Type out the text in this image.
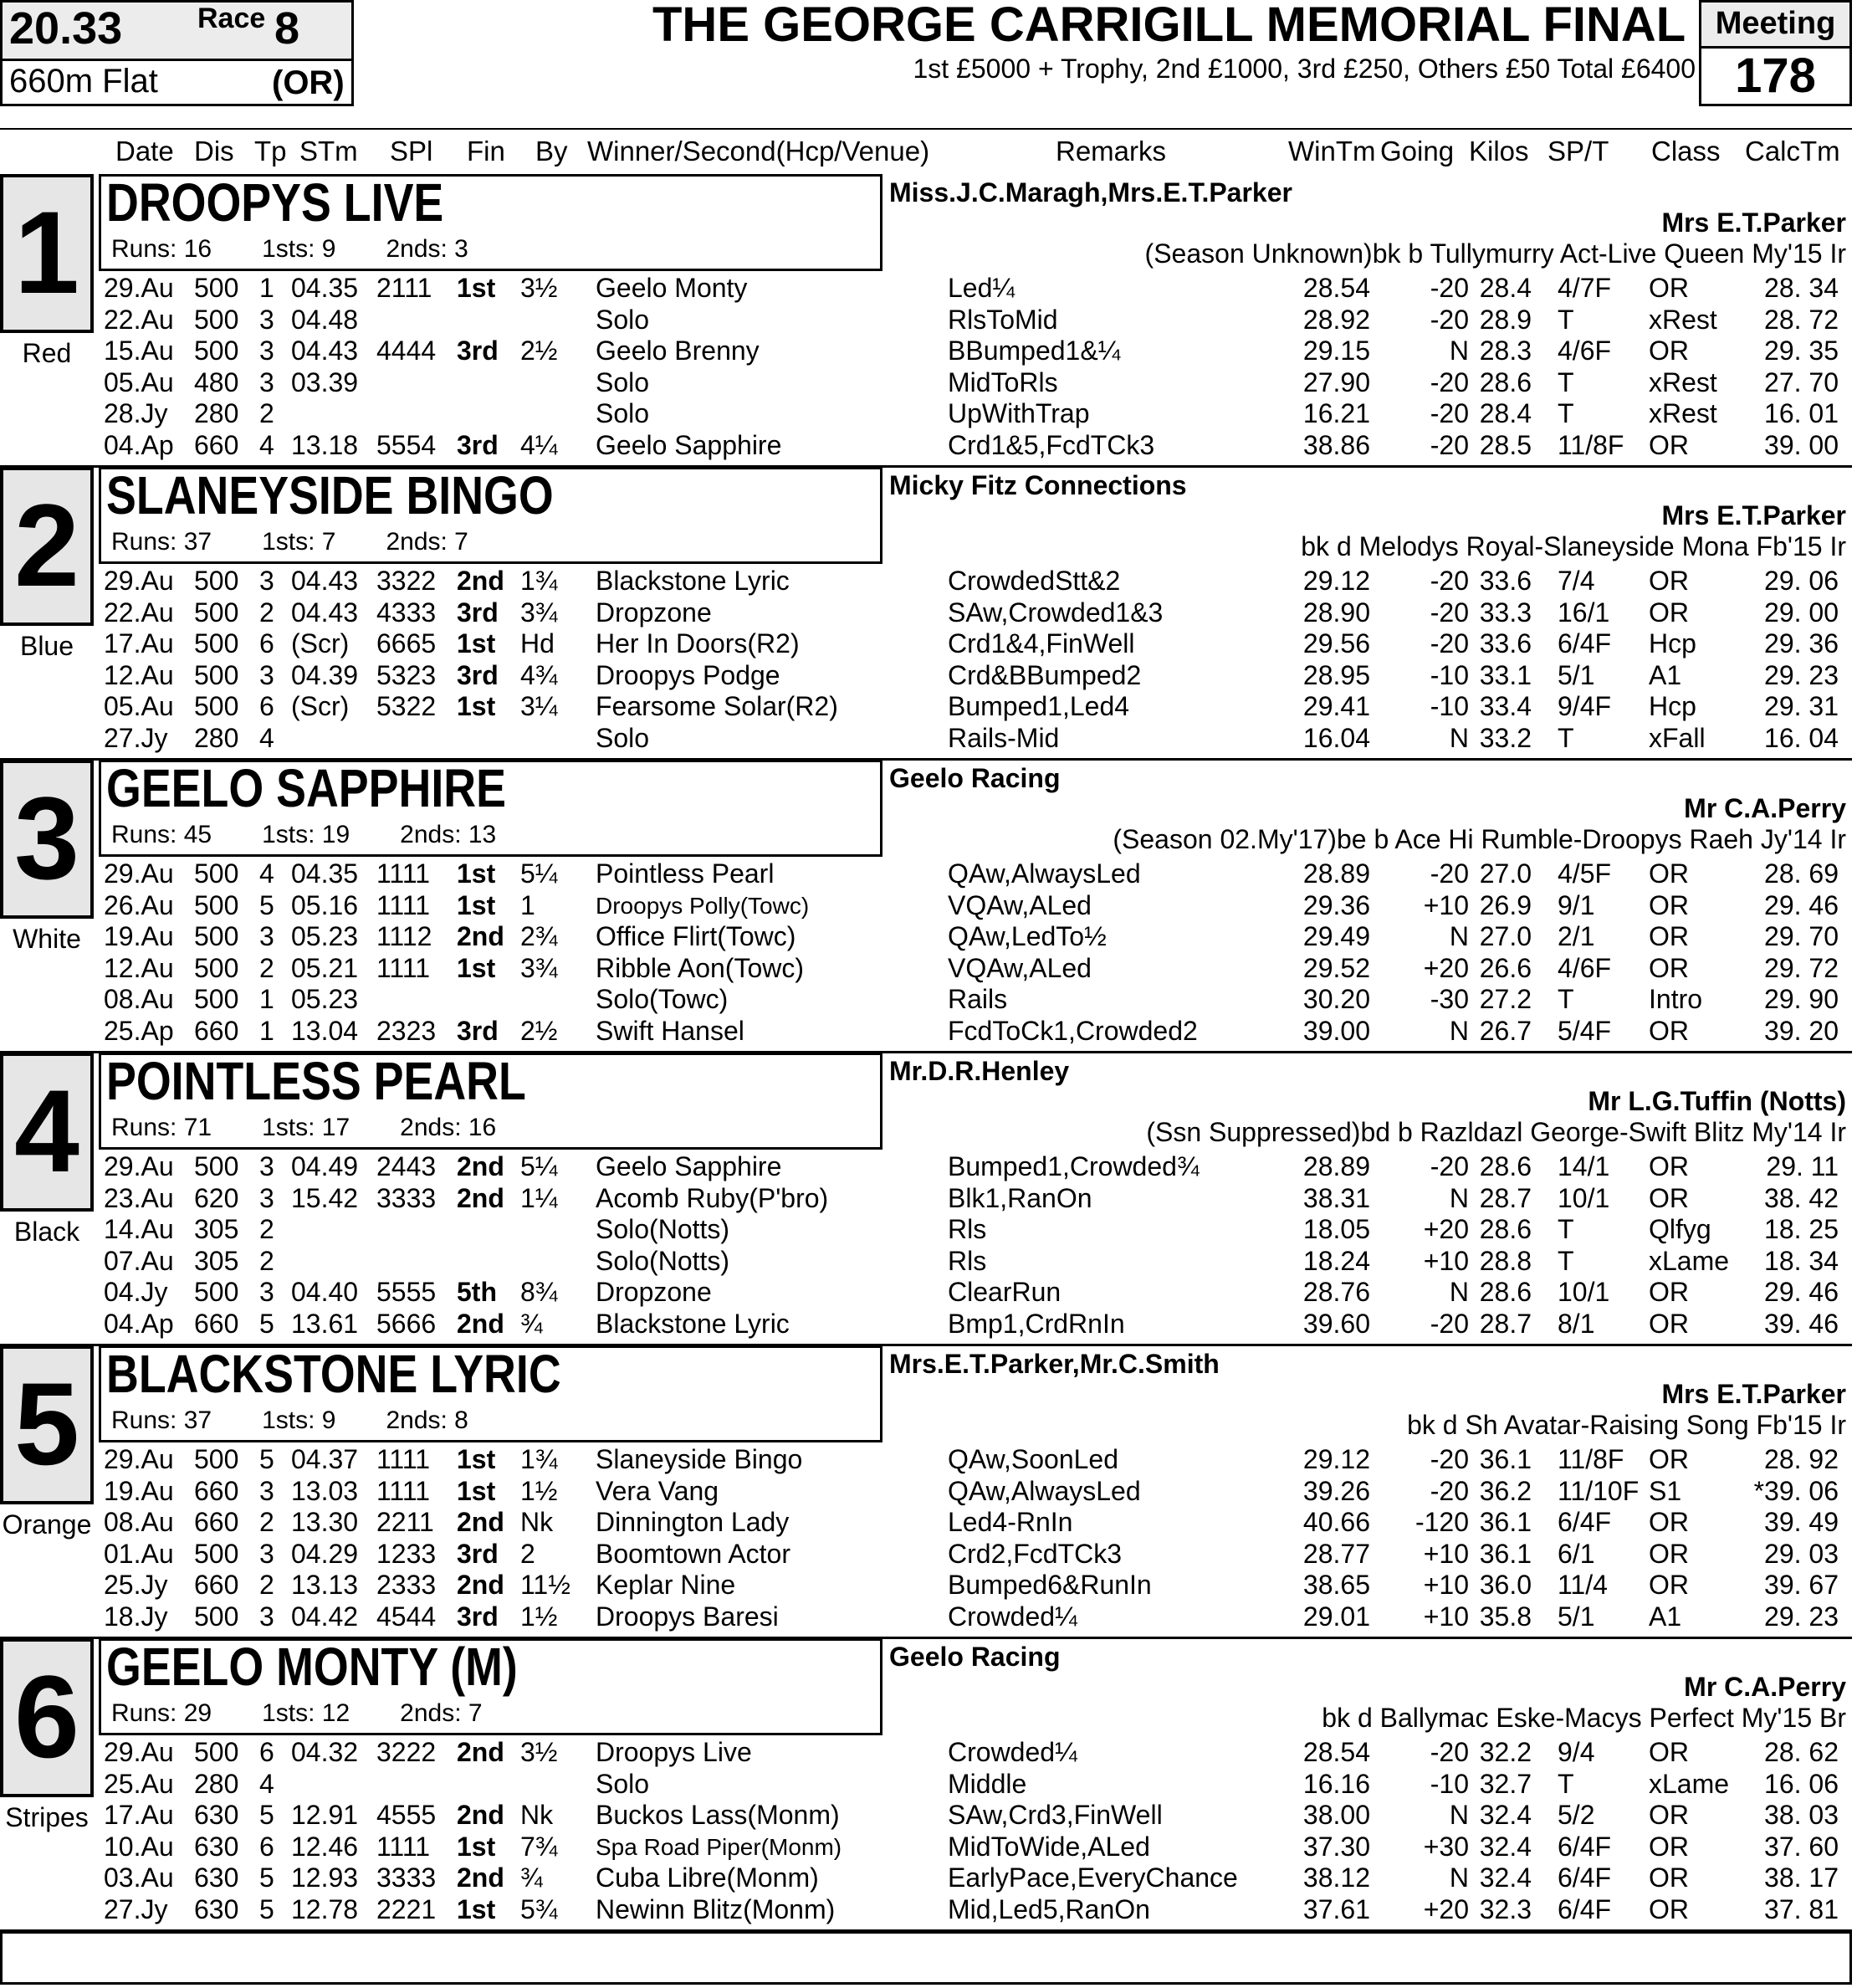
20.33	Race 8
660m Flat	(OR)
THE GEORGE CARRIGILL MEMORIAL FINAL
1st £5000 + Trophy, 2nd £1000, 3rd £250, Others £50 Total £6400
Meeting
178
Date Dis Tp STm SPl Fin By Winner/Second(Hcp/Venue)	Remarks	WinTm Going Kilos SP/T Class CalcTm
1
Red
DROOPYS LIVE
Runs: 16 1sts: 9 2nds: 3
Miss.J.C.Maragh,Mrs.E.T.Parker
Mrs E.T.Parker
(Season Unknown)bk b Tullymurry Act-Live Queen My'15 Ir
29.Au 500 1 04.35 2111 1st 3½ Geelo Monty	Led¼	28.54 -20 28.4 4/7F OR	28. 34
22.Au 500 3 04.48	Solo	RlsToMid	28.92 -20 28.9 T	xRest 28. 72
15.Au 500 3 04.43 4444 3rd 2½ Geelo Brenny	BBumped1&¼	29.15	N 28.3 4/6F OR	29. 35
05.Au 480 3 03.39	Solo	MidToRls	27.90 -20 28.6 T	xRest 27. 70
28.Jy 280 2	Solo	UpWithTrap	16.21 -20 28.4 T	xRest 16. 01
04.Ap 660 4 13.18 5554 3rd 4¼ Geelo Sapphire	Crd1&5,FcdTCk3	38.86 -20 28.5 11/8F OR	39. 00
2
Blue
SLANEYSIDE BINGO
Runs: 37 1sts: 7 2nds: 7
Micky Fitz Connections
Mrs E.T.Parker
bk d Melodys Royal-Slaneyside Mona Fb'15 Ir
29.Au 500 3 04.43 3322 2nd 1¾ Blackstone Lyric	CrowdedStt&2	29.12 -20 33.6 7/4 OR	29. 06
22.Au 500 2 04.43 4333 3rd 3¾ Dropzone	SAw,Crowded1&3	28.90 -20 33.3 16/1 OR	29. 00
17.Au 500 6 (Scr) 6665 1st Hd Her In Doors(R2)	Crd1&4,FinWell	29.56 -20 33.6 6/4F Hcp	29. 36
12.Au 500 3 04.39 5323 3rd 4¾ Droopys Podge	Crd&BBumped2	28.95 -10 33.1 5/1 A1	29. 23
05.Au 500 6 (Scr) 5322 1st 3¼ Fearsome Solar(R2)	Bumped1,Led4	29.41 -10 33.4 9/4F Hcp	29. 31
27.Jy 280 4	Solo	Rails-Mid	16.04	N 33.2 T	xFall 16. 04
3
White
GEELO SAPPHIRE
Runs: 45 1sts: 19 2nds: 13
Geelo Racing
Mr C.A.Perry
(Season 02.My'17)be b Ace Hi Rumble-Droopys Raeh Jy'14 Ir
29.Au 500 4 04.35 1111 1st 5¼ Pointless Pearl	QAw,AlwaysLed	28.89 -20 27.0 4/5F OR	28. 69
26.Au 500 5 05.16 1111 1st 1	Droopys Polly(Towc)	VQAw,ALed	29.36 +10 26.9 9/1 OR	29. 46
19.Au 500 3 05.23 1112 2nd 2¾ Office Flirt(Towc)	QAw,LedTo½	29.49	N 27.0 2/1 OR	29. 70
12.Au 500 2 05.21 1111 1st 3¾ Ribble Aon(Towc)	VQAw,ALed	29.52 +20 26.6 4/6F OR	29. 72
08.Au 500 1 05.23	Solo(Towc)	Rails	30.20 -30 27.2 T	Intro 29. 90
25.Ap 660 1 13.04 2323 3rd 2½ Swift Hansel	FcdToCk1,Crowded2	39.00	N 26.7 5/4F OR	39. 20
4
Black
POINTLESS PEARL
Runs: 71 1sts: 17 2nds: 16
Mr.D.R.Henley
Mr L.G.Tuffin (Notts)
(Ssn Suppressed)bd b Razldazl George-Swift Blitz My'14 Ir
29.Au 500 3 04.49 2443 2nd 5¼ Geelo Sapphire	Bumped1,Crowded¾	28.89 -20 28.6 14/1 OR	29. 11
23.Au 620 3 15.42 3333 2nd 1¼ Acomb Ruby(P'bro)	Blk1,RanOn	38.31	N 28.7 10/1 OR	38. 42
14.Au 305 2	Solo(Notts)	Rls	18.05 +20 28.6 T	Qlfyg 18. 25
07.Au 305 2	Solo(Notts)	Rls	18.24 +10 28.8 T	xLame 18. 34
04.Jy 500 3 04.40 5555 5th 8¾ Dropzone	ClearRun	28.76	N 28.6 10/1 OR	29. 46
04.Ap 660 5 13.61 5666 2nd ¾ Blackstone Lyric	Bmp1,CrdRnIn	39.60 -20 28.7 8/1 OR	39. 46
5
Orange
BLACKSTONE LYRIC
Runs: 37 1sts: 9 2nds: 8
Mrs.E.T.Parker,Mr.C.Smith
Mrs E.T.Parker
bk d Sh Avatar-Raising Song Fb'15 Ir
29.Au 500 5 04.37 1111 1st 1¾ Slaneyside Bingo	QAw,SoonLed	29.12 -20 36.1 11/8F OR	28. 92
19.Au 660 3 13.03 1111 1st 1½ Vera Vang	QAw,AlwaysLed	39.26 -20 36.2 11/10F S1	*39. 06
08.Au 660 2 13.30 2211 2nd Nk Dinnington Lady	Led4-RnIn	40.66 -120 36.1 6/4F OR	39. 49
01.Au 500 3 04.29 1233 3rd 2 Boomtown Actor	Crd2,FcdTCk3	28.77 +10 36.1 6/1 OR	29. 03
25.Jy 660 2 13.13 2333 2nd 11½ Keplar Nine	Bumped6&RunIn	38.65 +10 36.0 11/4 OR	39. 67
18.Jy 500 3 04.42 4544 3rd 1½ Droopys Baresi	Crowded¼	29.01 +10 35.8 5/1 A1	29. 23
6
Stripes
GEELO MONTY (M)
Runs: 29 1sts: 12 2nds: 7
Geelo Racing
Mr C.A.Perry
bk d Ballymac Eske-Macys Perfect My'15 Br
29.Au 500 6 04.32 3222 2nd 3½ Droopys Live	Crowded¼	28.54 -20 32.2 9/4 OR	28. 62
25.Au 280 4	Solo	Middle	16.16 -10 32.7 T	xLame 16. 06
17.Au 630 5 12.91 4555 2nd Nk Buckos Lass(Monm)	SAw,Crd3,FinWell	38.00	N 32.4 5/2 OR	38. 03
10.Au 630 6 12.46 1111 1st 7¾ Spa Road Piper(Monm)	MidToWide,ALed	37.30 +30 32.4 6/4F OR	37. 60
03.Au 630 5 12.93 3333 2nd ¾ Cuba Libre(Monm)	EarlyPace,EveryChance 38.12	N 32.4 6/4F OR	38. 17
27.Jy 630 5 12.78 2221 1st 5¾ Newinn Blitz(Monm)	Mid,Led5,RanOn	37.61 +20 32.3 6/4F OR	37. 81
